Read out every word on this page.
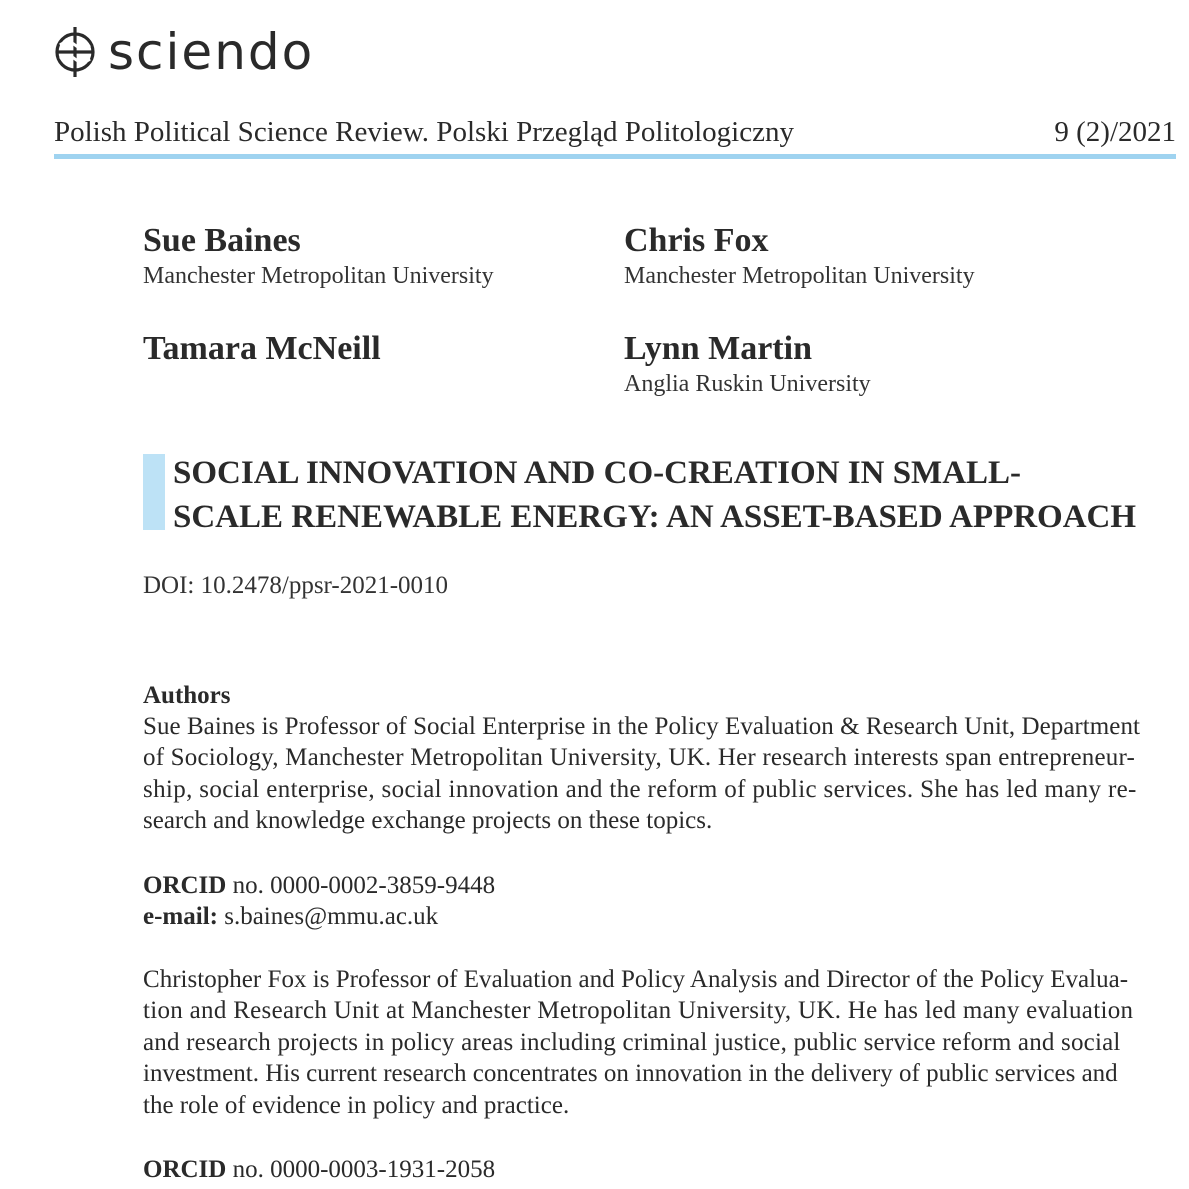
sciendo
Polish Political Science Review. Polski Przegląd Politologiczny	9 (2)/2021
Sue Baines
Manchester Metropolitan University
Chris Fox
Manchester Metropolitan University
Tamara McNeill	Lynn Martin
Anglia Ruskin University
SOCIAL INNOVATION AND CO-CREATION IN SMALL-
SCALE RENEWABLE ENERGY: AN ASSET-BASED APPROACH
DOI: 10.2478/ppsr-2021-0010
Authors
Sue Baines is Professor of Social Enterprise in the Policy Evaluation & Research Unit, Department
of Sociology, Manchester Metropolitan University, UK. Her research interests span entrepreneur-
ship, social enterprise, social innovation and the reform of public services. She has led many re-
search and knowledge exchange projects on these topics.
ORCID no. 0000-0002-3859-9448
e-mail: s.baines@mmu.ac.uk
Christopher Fox is Professor of Evaluation and Policy Analysis and Director of the Policy Evalua-
tion and Research Unit at Manchester Metropolitan University, UK. He has led many evaluation
and research projects in policy areas including criminal justice, public service reform and social
investment. His current research concentrates on innovation in the delivery of public services and
the role of evidence in policy and practice.
ORCID no. 0000-0003-1931-2058
